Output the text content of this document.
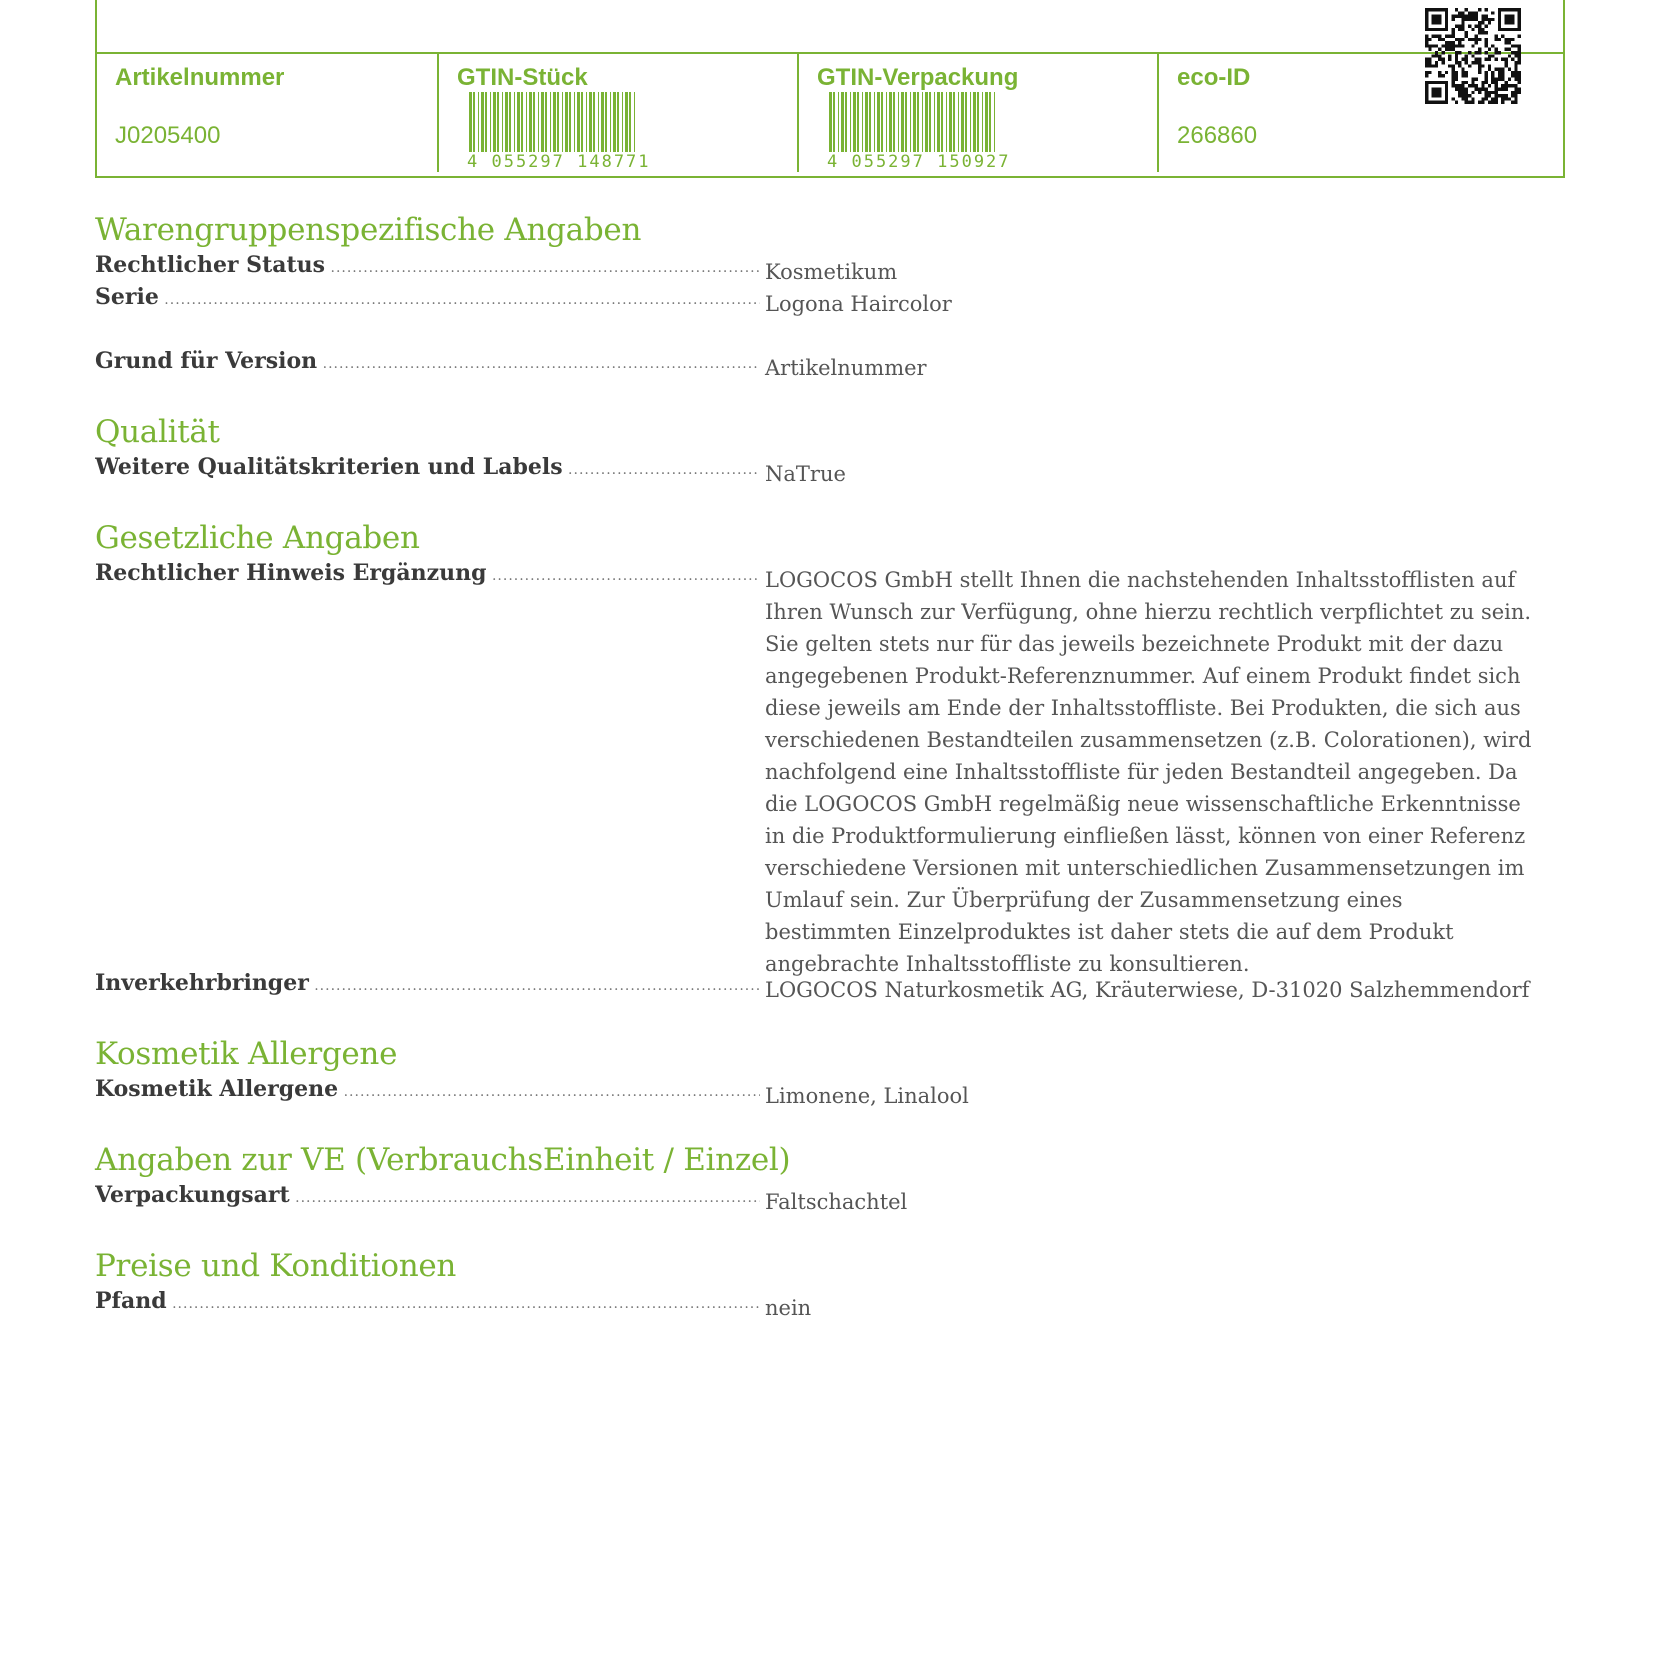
Artikelnummer
J0205400
GTIN-Stück
4 055297 148771
GTIN-Verpackung
4 055297 150927
eco-ID
266860
Warengruppenspezifische Angaben
Rechtlicher Status .....	Kosmetikum
Serie .....	Logona Haircolor
Grund für Version .....	Artikelnummer
Qualität
Weitere Qualitätskriterien und Labels .....	NaTrue
Gesetzliche Angaben
Rechtlicher Hinweis Ergänzung .....	LOGOCOS GmbH stellt Ihnen die nachstehenden Inhaltsstofflisten auf Ihren Wunsch zur Verfügung, ohne hierzu rechtlich verpflichtet zu sein. Sie gelten stets nur für das jeweils bezeichnete Produkt mit der dazu angegebenen Produkt-Referenznummer. Auf einem Produkt findet sich diese jeweils am Ende der Inhaltsstoffliste. Bei Produkten, die sich aus verschiedenen Bestandteilen zusammensetzen (z.B. Colorationen), wird nachfolgend eine Inhaltsstoffliste für jeden Bestandteil angegeben. Da die LOGOCOS GmbH regelmäßig neue wissenschaftliche Erkenntnisse in die Produktformulierung einfließen lässt, können von einer Referenz verschiedene Versionen mit unterschiedlichen Zusammensetzungen im Umlauf sein. Zur Überprüfung der Zusammensetzung eines bestimmten Einzelproduktes ist daher stets die auf dem Produkt angebrachte Inhaltsstoffliste zu konsultieren.
Inverkehrbringer .....	LOGOCOS Naturkosmetik AG, Kräuterwiese, D-31020 Salzhemmendorf
Kosmetik Allergene
Kosmetik Allergene .....	Limonene, Linalool
Angaben zur VE (VerbrauchsEinheit / Einzel)
Verpackungsart .....	Faltschachtel
Preise und Konditionen
Pfand .....	nein
